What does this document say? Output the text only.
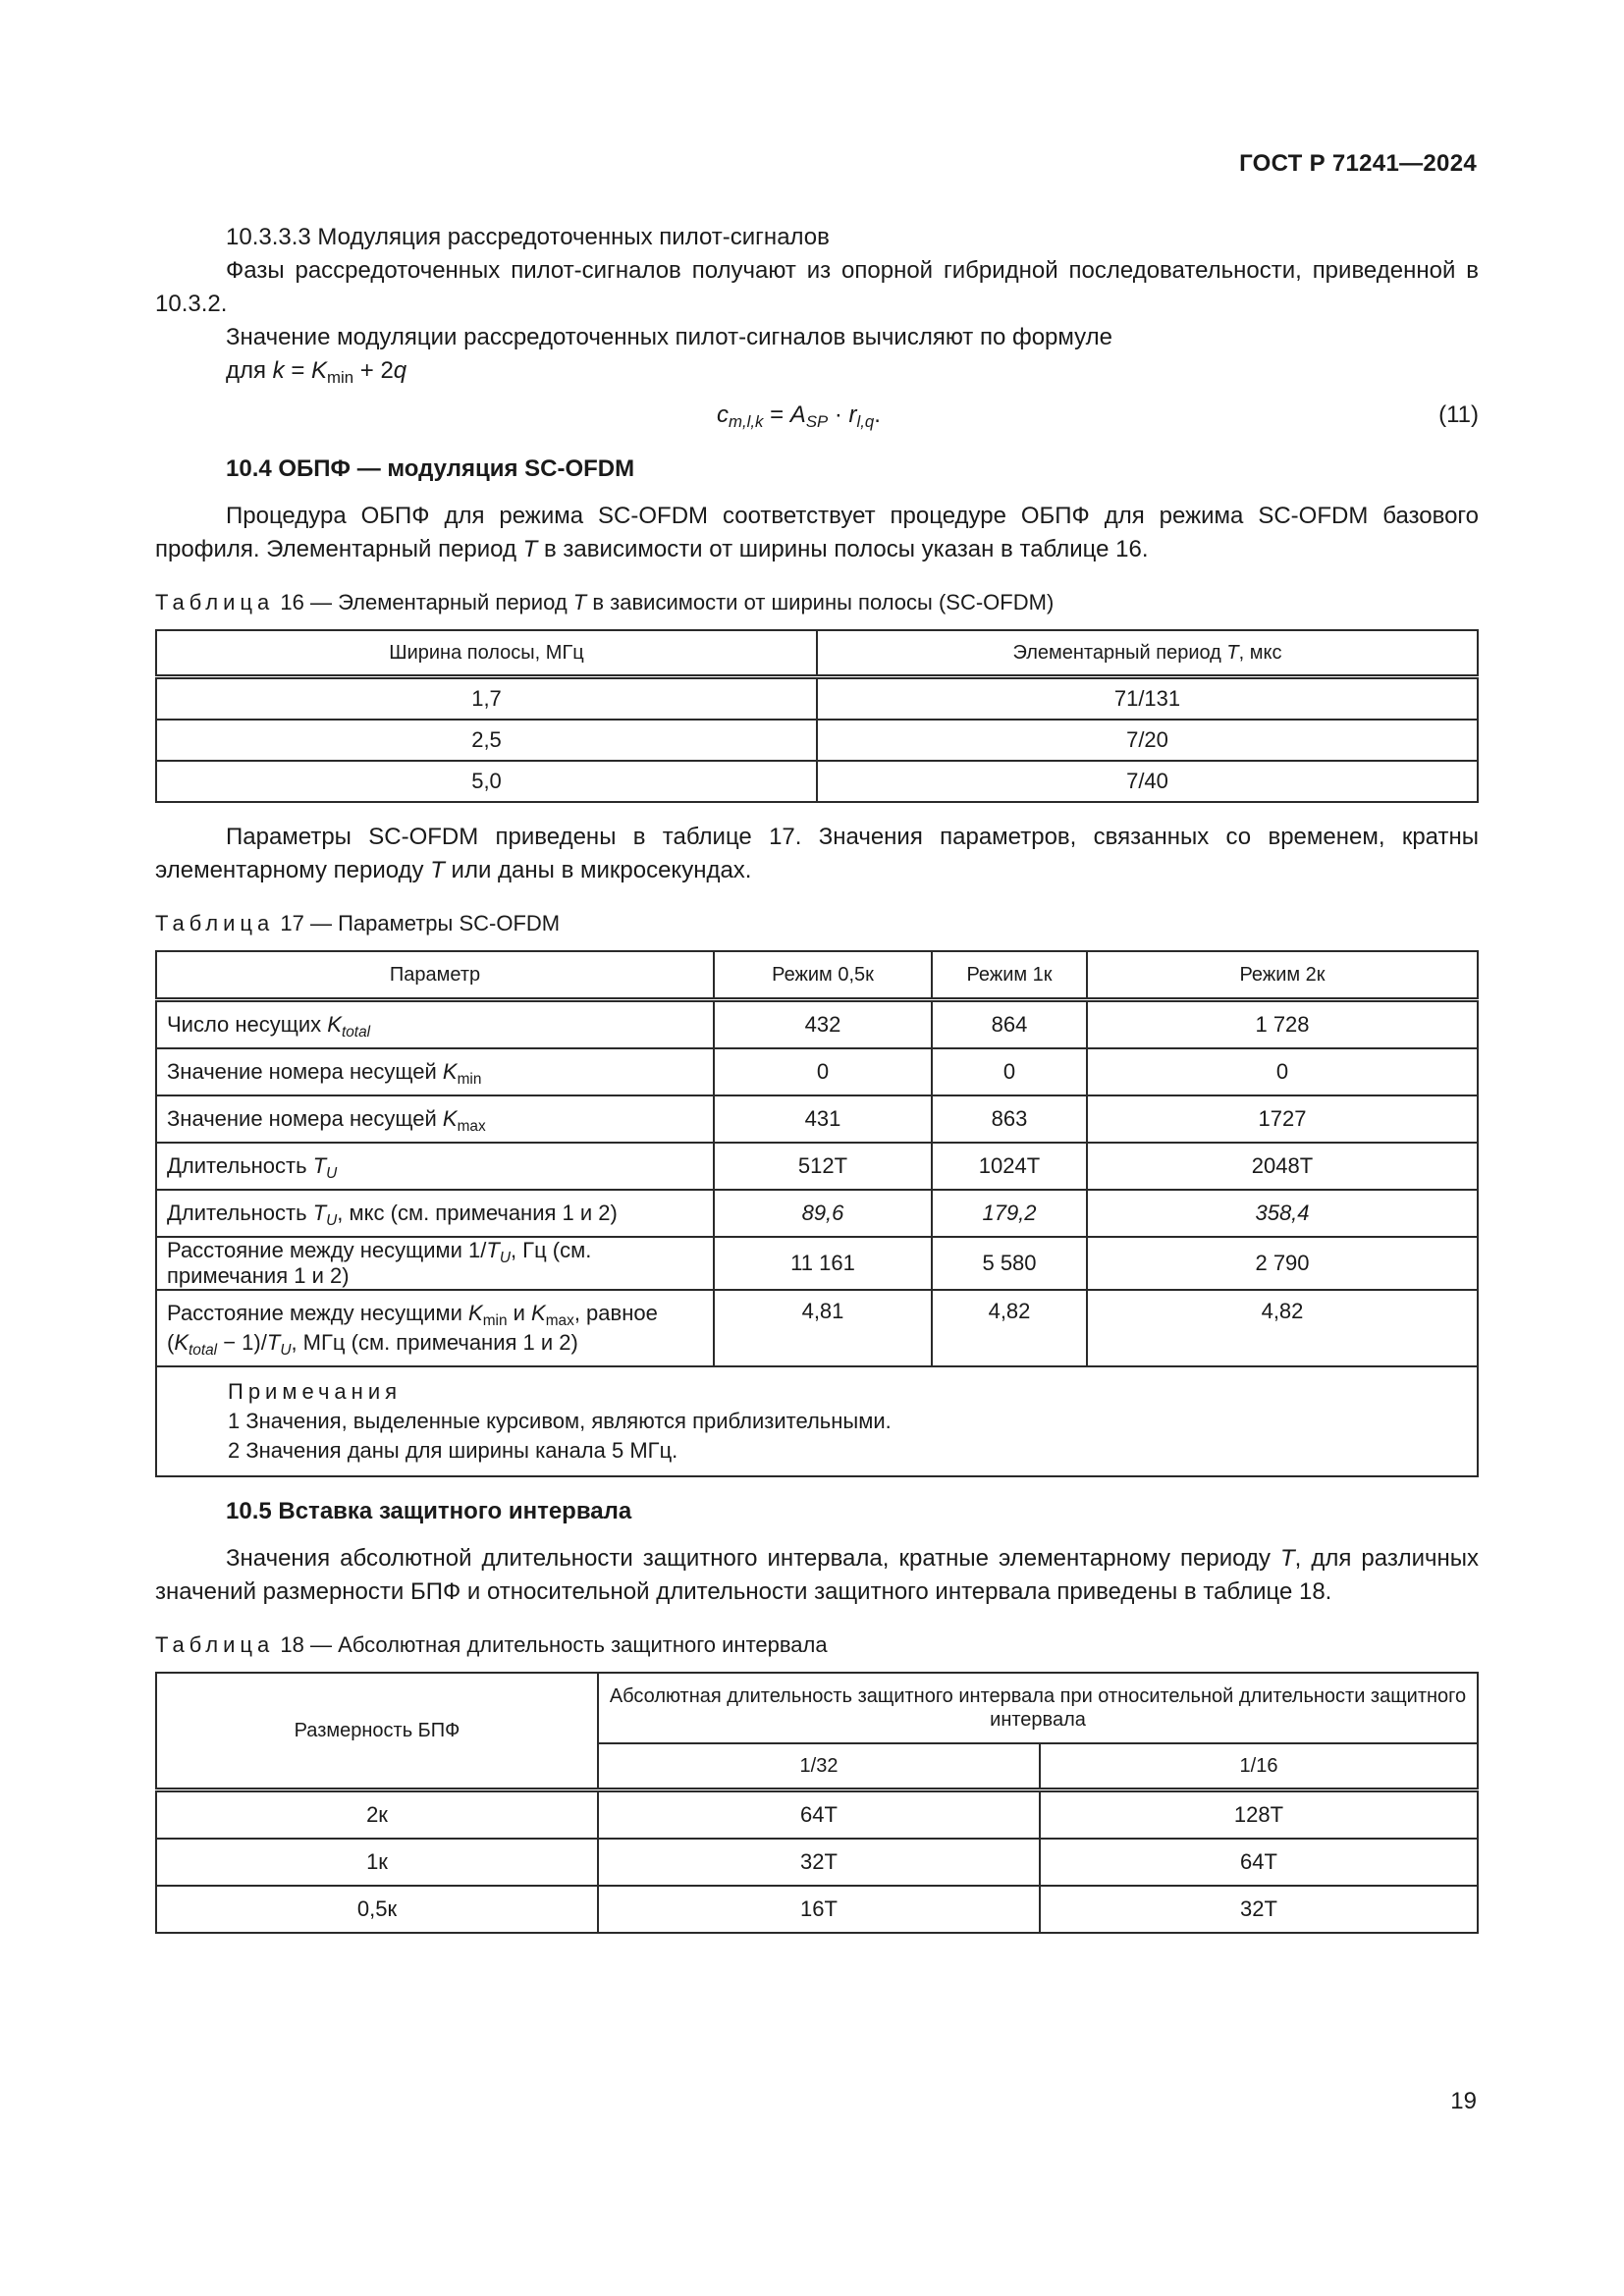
ГОСТ Р 71241—2024

10.3.3.3 Модуляция рассредоточенных пилот-сигналов

Фазы рассредоточенных пилот-сигналов получают из опорной гибридной последовательности, приведенной в 10.3.2.

Значение модуляции рассредоточенных пилот-сигналов вычисляют по формуле

для $k = K_{min} + 2q$

$c_{m,l,k} = A_{SP} \cdot r_{l,q}$.	(11)
10.4 ОБПФ — модуляция SC-OFDM

Процедура ОБПФ для режима SC-OFDM соответствует процедуре ОБПФ для режима SC-OFDM базового профиля. Элементарный период T в зависимости от ширины полосы указан в таблице 16.

Таблица 16 — Элементарный период T в зависимости от ширины полосы (SC-OFDM)
Ширина полосы, МГц	Элементарный период T, мкс
1,7	71/131
2,5	7/20
5,0	7/40

Параметры SC-OFDM приведены в таблице 17. Значения параметров, связанных со временем, кратны элементарному периоду T или даны в микросекундах.

Таблица 17 — Параметры SC-OFDM
Параметр	Режим 0,5к	Режим 1к	Режим 2к
Число несущих $K_{total}$	432	864	1 728
Значение номера несущей $K_{min}$	0	0	0
Значение номера несущей $K_{max}$	431	863	1727
Длительность $T_U$	512T	1024T	2048T
Длительность $T_U$, мкс (см. примечания 1 и 2)	89,6	179,2	358,4
Расстояние между несущими $1/T_U$, Гц (см. примечания 1 и 2)	11 161	5 580	2 790
Расстояние между несущими $K_{min}$ и $K_{max}$, равное $(K_{total} - 1)/T_U$, МГц (см. примечания 1 и 2)	4,81	4,82	4,82

Примечания
1 Значения, выделенные курсивом, являются приблизительными.
2 Значения даны для ширины канала 5 МГц.			
10.5 Вставка защитного интервала

Значения абсолютной длительности защитного интервала, кратные элементарному периоду T, для различных значений размерности БПФ и относительной длительности защитного интервала приведены в таблице 18.

Таблица 18 — Абсолютная длительность защитного интервала
Размерность БПФ	Абсолютная длительность защитного интервала при относительной длительности защитного интервала	
	1/32	1/16
2к	64T	128T
1к	32T	64T
0,5к	16T	32T
19
